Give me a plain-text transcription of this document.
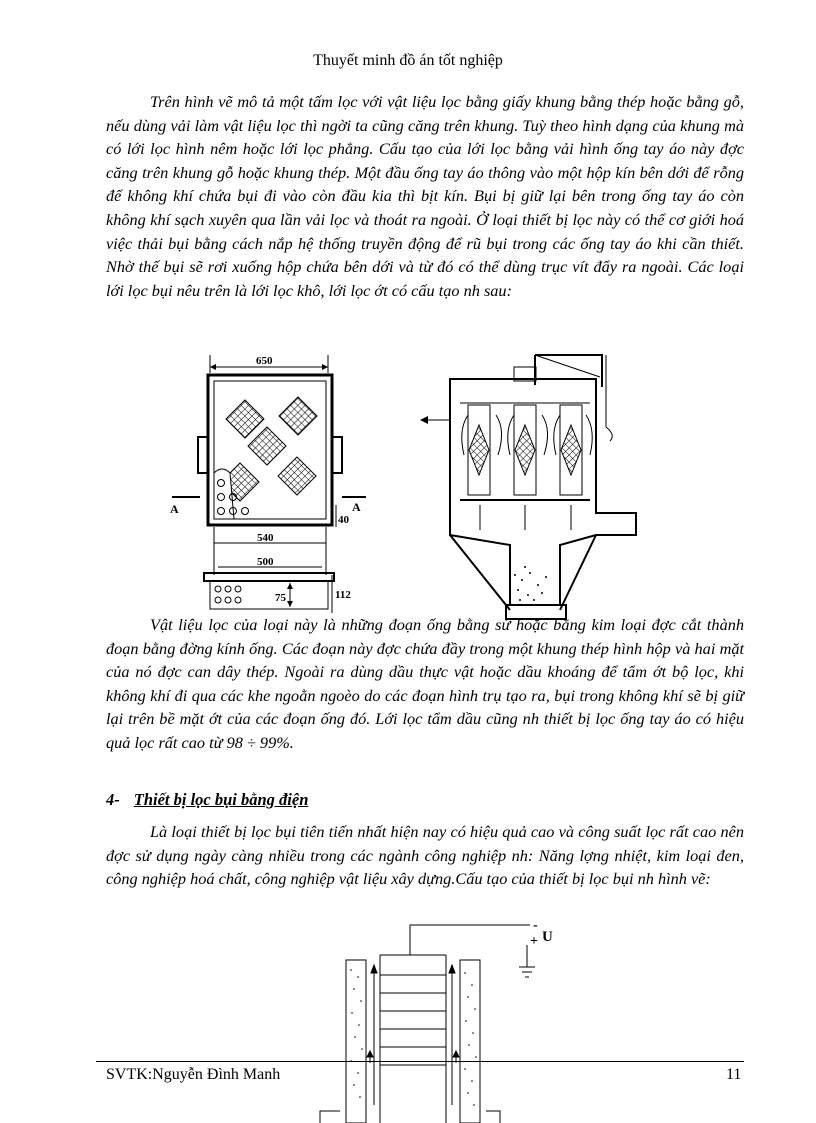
Thuyết minh đồ án tốt nghiệp

Trên hình vẽ mô tả một tấm lọc với vật liệu lọc bằng giấy khung bằng thép hoặc bằng gỗ, nếu dùng vải làm vật liệu lọc thì ngời ta cũng căng trên khung. Tuỳ theo hình dạng của khung mà có lới lọc hình nêm hoặc lới lọc phẳng. Cấu tạo của lới lọc bằng vải hình ống tay áo này đợc căng trên khung gỗ hoặc khung thép. Một đầu ống tay áo thông vào một hộp kín bên dới để rỗng để không khí chứa bụi đi vào còn đầu kia thì bịt kín. Bụi bị giữ lại bên trong ống tay áo còn không khí sạch xuyên qua lần vải lọc và thoát ra ngoài. Ở loại thiết bị lọc này có thể cơ giới hoá việc thải bụi bằng cách nắp hệ thống truyền động để rũ bụi trong các ống tay áo khi cần thiết. Nhờ thế bụi sẽ rơi xuống hộp chứa bên dới và từ đó có thể dùng trục vít đẩy ra ngoài. Các loại lới lọc bụi nêu trên là lới lọc khô, lới lọc ớt có cấu tạo nh sau:

650
A	A
40
540
500
75	112

Vật liệu lọc của loại này là những đoạn ống bằng sứ hoặc bằng kim loại đợc cắt thành đoạn bằng đờng kính ống. Các đoạn này đợc chứa đầy trong một khung thép hình hộp và hai mặt của nó đợc can dây thép. Ngoài ra dùng dầu thực vật hoặc dầu khoáng để tẩm ớt bộ lọc, khi không khí đi qua các khe ngoằn ngoèo do các đoạn hình trụ tạo ra, bụi trong không khí sẽ bị giữ lại trên bề mặt ớt của các đoạn ống đó. Lới lọc tẩm dầu cũng nh thiết bị lọc ống tay áo có hiệu quả lọc rất cao từ 98 ÷ 99%.

4- Thiết bị lọc bụi bằng điện

Là loại thiết bị lọc bụi tiên tiến nhất hiện nay có hiệu quả cao và công suất lọc rất cao nên đợc sử dụng ngày càng nhiều trong các ngành công nghiệp nh: Năng lợng nhiệt, kim loại đen, công nghiệp hoá chất, công nghiệp vật liệu xây dựng.Cấu tạo của thiết bị lọc bụi nh hình vẽ:

-
+ U
SVTK:Nguyễn Đình Manh	11
